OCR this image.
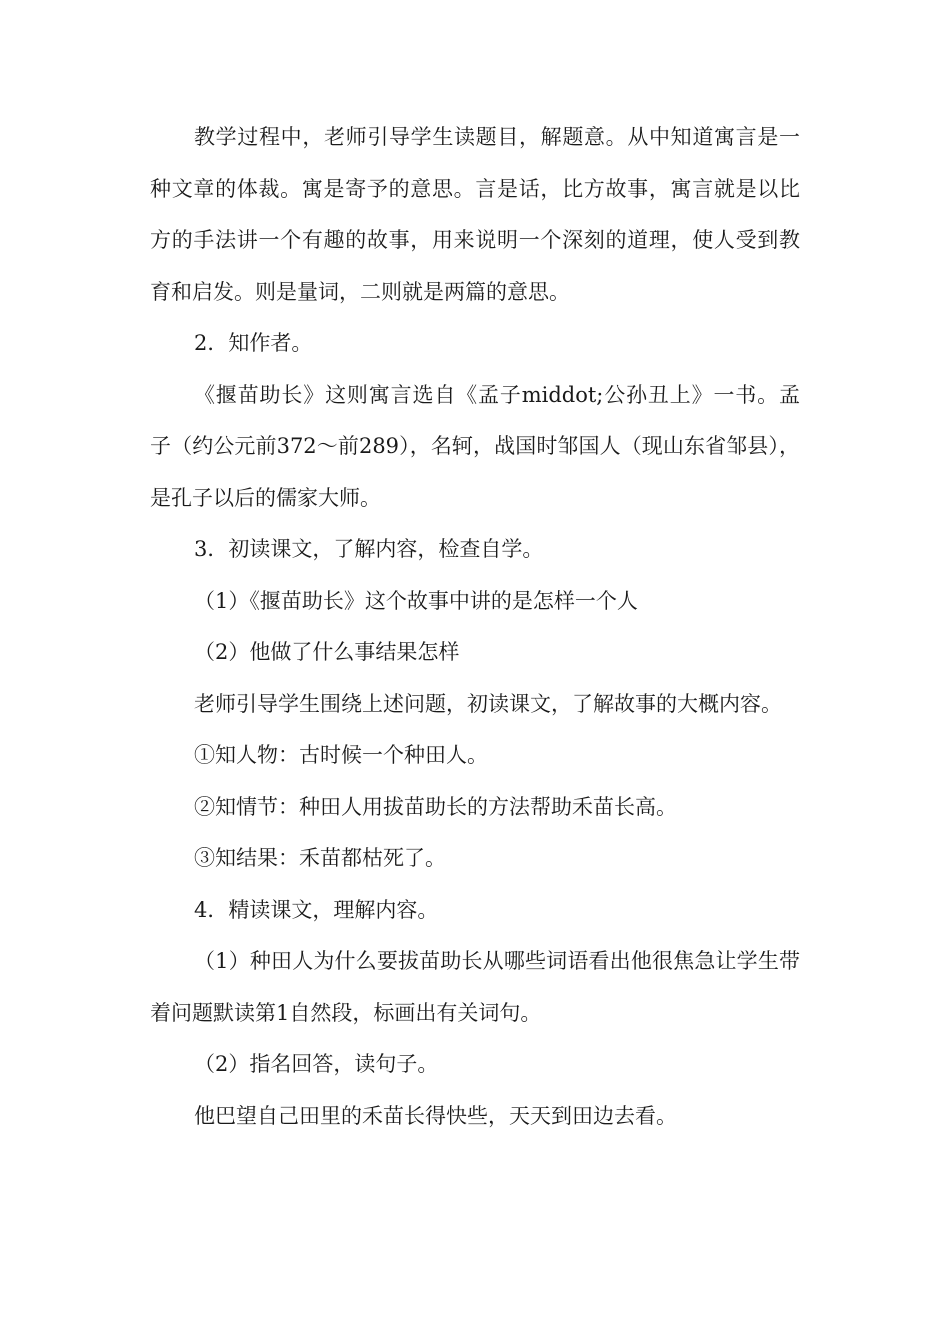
教学过程中，老师引导学生读题目，解题意。从中知道寓言是一种文章的体裁。寓是寄予的意思。言是话，比方故事，寓言就是以比方的手法讲一个有趣的故事，用来说明一个深刻的道理，使人受到教育和启发。则是量词，二则就是两篇的意思。

2．知作者。

《揠苗助长》这则寓言选自《孟子middot;公孙丑上》一书。孟子（约公元前372～前289），名轲，战国时邹国人（现山东省邹县），是孔子以后的儒家大师。

3．初读课文，了解内容，检查自学。

（1）《揠苗助长》这个故事中讲的是怎样一个人

（2）他做了什么事结果怎样

老师引导学生围绕上述问题，初读课文，了解故事的大概内容。

①知人物：古时候一个种田人。

②知情节：种田人用拔苗助长的方法帮助禾苗长高。

③知结果：禾苗都枯死了。

4．精读课文，理解内容。

（1）种田人为什么要拔苗助长从哪些词语看出他很焦急让学生带着问题默读第1自然段，标画出有关词句。

（2）指名回答，读句子。

他巴望自己田里的禾苗长得快些，天天到田边去看。
